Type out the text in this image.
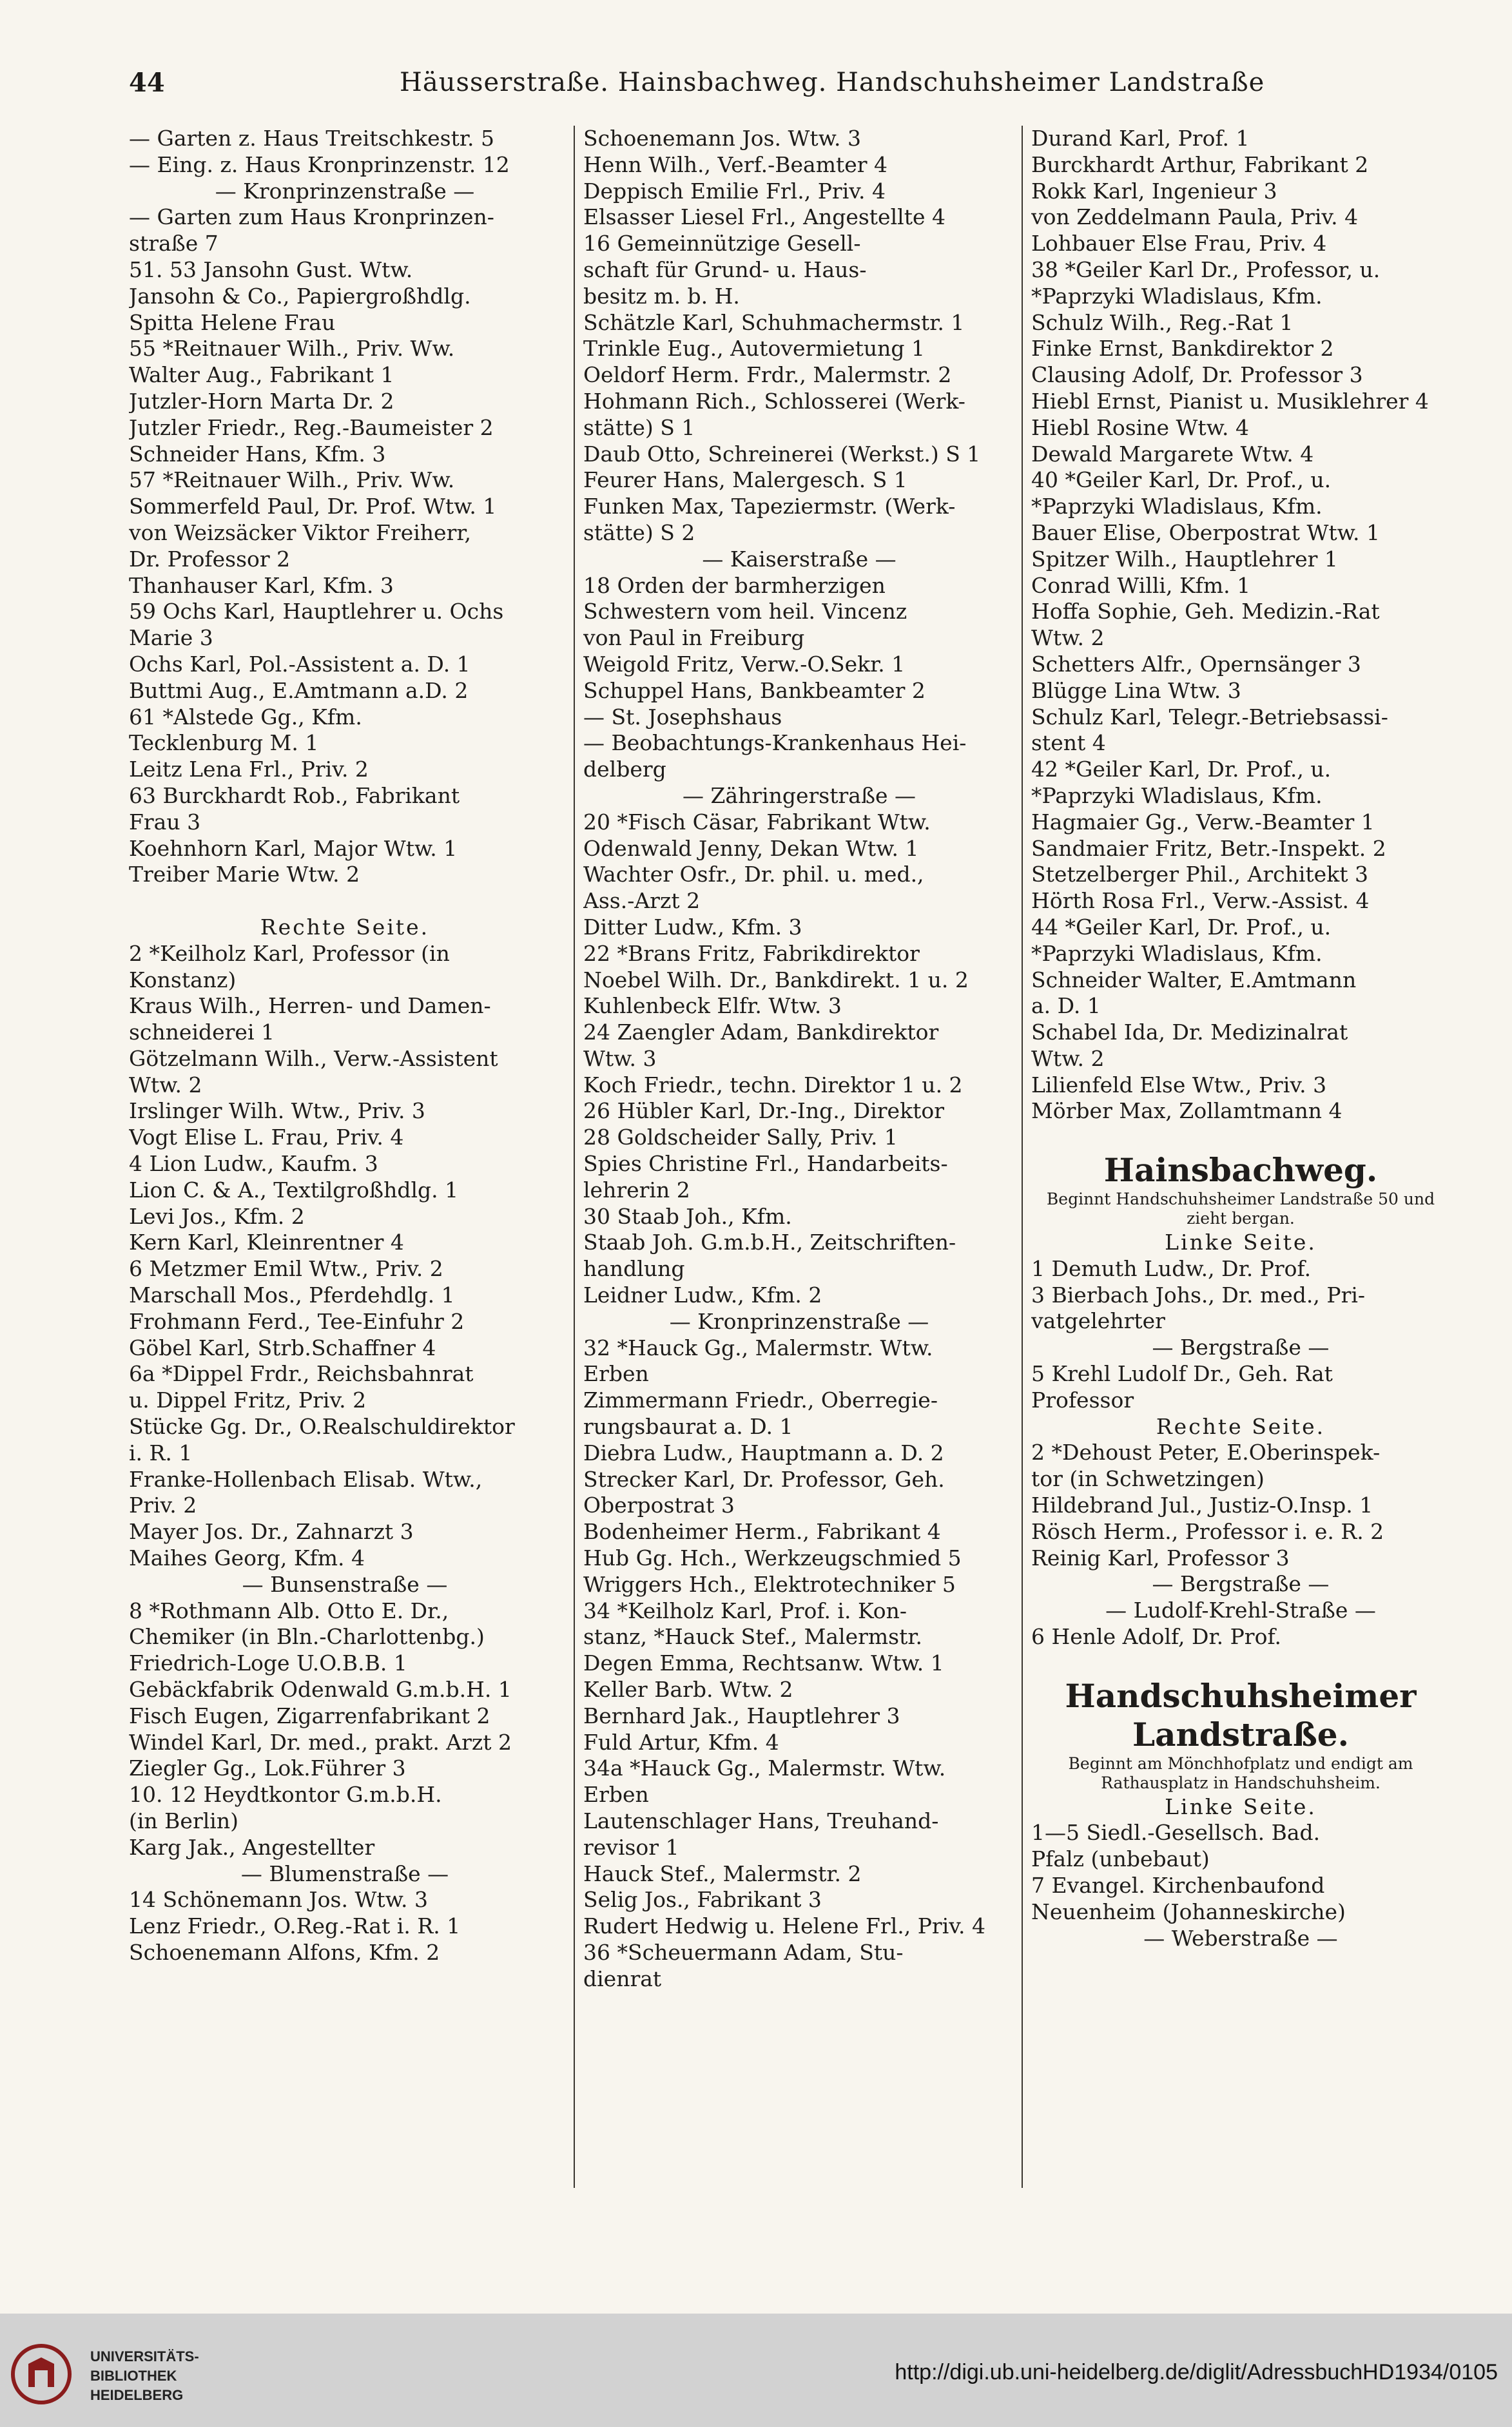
44	Häusserstraße. Hainsbachweg. Handschuhsheimer Landstraße
— Garten z. Haus Treitschkestr. 5
— Eing. z. Haus Kronprinzenstr. 12
— Kronprinzenstraße —
— Garten zum Haus Kronprinzen-
straße 7
51. 53 Jansohn Gust. Wtw.
Jansohn & Co., Papiergroßhdlg.
Spitta Helene Frau
55 *Reitnauer Wilh., Priv. Ww.
Walter Aug., Fabrikant 1
Jutzler-Horn Marta Dr. 2
Jutzler Friedr., Reg.-Baumeister 2
Schneider Hans, Kfm. 3
57 *Reitnauer Wilh., Priv. Ww.
Sommerfeld Paul, Dr. Prof. Wtw. 1
von Weizsäcker Viktor Freiherr,
Dr. Professor 2
Thanhauser Karl, Kfm. 3
59 Ochs Karl, Hauptlehrer u. Ochs
Marie 3
Ochs Karl, Pol.-Assistent a. D. 1
Buttmi Aug., E.Amtmann a.D. 2
61 *Alstede Gg., Kfm.
Tecklenburg M. 1
Leitz Lena Frl., Priv. 2
63 Burckhardt Rob., Fabrikant
Frau 3
Koehnhorn Karl, Major Wtw. 1
Treiber Marie Wtw. 2
Rechte Seite.
2 *Keilholz Karl, Professor (in
Konstanz)
Kraus Wilh., Herren- und Damen-
schneiderei 1
Götzelmann Wilh., Verw.-Assistent
Wtw. 2
Irslinger Wilh. Wtw., Priv. 3
Vogt Elise L. Frau, Priv. 4
4 Lion Ludw., Kaufm. 3
Lion C. & A., Textilgroßhdlg. 1
Levi Jos., Kfm. 2
Kern Karl, Kleinrentner 4
6 Metzmer Emil Wtw., Priv. 2
Marschall Mos., Pferdehdlg. 1
Frohmann Ferd., Tee-Einfuhr 2
Göbel Karl, Strb.Schaffner 4
6a *Dippel Frdr., Reichsbahnrat
u. Dippel Fritz, Priv. 2
Stücke Gg. Dr., O.Realschuldirektor
i. R. 1
Franke-Hollenbach Elisab. Wtw.,
Priv. 2
Mayer Jos. Dr., Zahnarzt 3
Maihes Georg, Kfm. 4
— Bunsenstraße —
8 *Rothmann Alb. Otto E. Dr.,
Chemiker (in Bln.-Charlottenbg.)
Friedrich-Loge U.O.B.B. 1
Gebäckfabrik Odenwald G.m.b.H. 1
Fisch Eugen, Zigarrenfabrikant 2
Windel Karl, Dr. med., prakt. Arzt 2
Ziegler Gg., Lok.Führer 3
10. 12 Heydtkontor G.m.b.H.
(in Berlin)
Karg Jak., Angestellter
— Blumenstraße —
14 Schönemann Jos. Wtw. 3
Lenz Friedr., O.Reg.-Rat i. R. 1
Schoenemann Alfons, Kfm. 2
Schoenemann Jos. Wtw. 3
Henn Wilh., Verf.-Beamter 4
Deppisch Emilie Frl., Priv. 4
Elsasser Liesel Frl., Angestellte 4
16 Gemeinnützige Gesell-
schaft für Grund- u. Haus-
besitz m. b. H.
Schätzle Karl, Schuhmachermstr. 1
Trinkle Eug., Autovermietung 1
Oeldorf Herm. Frdr., Malermstr. 2
Hohmann Rich., Schlosserei (Werk-
stätte) S 1
Daub Otto, Schreinerei (Werkst.) S 1
Feurer Hans, Malergesch. S 1
Funken Max, Tapeziermstr. (Werk-
stätte) S 2
— Kaiserstraße —
18 Orden der barmherzigen
Schwestern vom heil. Vincenz
von Paul in Freiburg
Weigold Fritz, Verw.-O.Sekr. 1
Schuppel Hans, Bankbeamter 2
— St. Josephshaus
— Beobachtungs-Krankenhaus Hei-
delberg
— Zähringerstraße —
20 *Fisch Cäsar, Fabrikant Wtw.
Odenwald Jenny, Dekan Wtw. 1
Wachter Osfr., Dr. phil. u. med.,
Ass.-Arzt 2
Ditter Ludw., Kfm. 3
22 *Brans Fritz, Fabrikdirektor
Noebel Wilh. Dr., Bankdirekt. 1 u. 2
Kuhlenbeck Elfr. Wtw. 3
24 Zaengler Adam, Bankdirektor
Wtw. 3
Koch Friedr., techn. Direktor 1 u. 2
26 Hübler Karl, Dr.-Ing., Direktor
28 Goldscheider Sally, Priv. 1
Spies Christine Frl., Handarbeits-
lehrerin 2
30 Staab Joh., Kfm.
Staab Joh. G.m.b.H., Zeitschriften-
handlung
Leidner Ludw., Kfm. 2
— Kronprinzenstraße —
32 *Hauck Gg., Malermstr. Wtw.
Erben
Zimmermann Friedr., Oberregie-
rungsbaurat a. D. 1
Diebra Ludw., Hauptmann a. D. 2
Strecker Karl, Dr. Professor, Geh.
Oberpostrat 3
Bodenheimer Herm., Fabrikant 4
Hub Gg. Hch., Werkzeugschmied 5
Wriggers Hch., Elektrotechniker 5
34 *Keilholz Karl, Prof. i. Kon-
stanz, *Hauck Stef., Malermstr.
Degen Emma, Rechtsanw. Wtw. 1
Keller Barb. Wtw. 2
Bernhard Jak., Hauptlehrer 3
Fuld Artur, Kfm. 4
34a *Hauck Gg., Malermstr. Wtw.
Erben
Lautenschlager Hans, Treuhand-
revisor 1
Hauck Stef., Malermstr. 2
Selig Jos., Fabrikant 3
Rudert Hedwig u. Helene Frl., Priv. 4
36 *Scheuermann Adam, Stu-
dienrat
Durand Karl, Prof. 1
Burckhardt Arthur, Fabrikant 2
Rokk Karl, Ingenieur 3
von Zeddelmann Paula, Priv. 4
Lohbauer Else Frau, Priv. 4
38 *Geiler Karl Dr., Professor, u.
*Paprzyki Wladislaus, Kfm.
Schulz Wilh., Reg.-Rat 1
Finke Ernst, Bankdirektor 2
Clausing Adolf, Dr. Professor 3
Hiebl Ernst, Pianist u. Musiklehrer 4
Hiebl Rosine Wtw. 4
Dewald Margarete Wtw. 4
40 *Geiler Karl, Dr. Prof., u.
*Paprzyki Wladislaus, Kfm.
Bauer Elise, Oberpostrat Wtw. 1
Spitzer Wilh., Hauptlehrer 1
Conrad Willi, Kfm. 1
Hoffa Sophie, Geh. Medizin.-Rat
Wtw. 2
Schetters Alfr., Opernsänger 3
Blügge Lina Wtw. 3
Schulz Karl, Telegr.-Betriebsassi-
stent 4
42 *Geiler Karl, Dr. Prof., u.
*Paprzyki Wladislaus, Kfm.
Hagmaier Gg., Verw.-Beamter 1
Sandmaier Fritz, Betr.-Inspekt. 2
Stetzelberger Phil., Architekt 3
Hörth Rosa Frl., Verw.-Assist. 4
44 *Geiler Karl, Dr. Prof., u.
*Paprzyki Wladislaus, Kfm.
Schneider Walter, E.Amtmann
a. D. 1
Schabel Ida, Dr. Medizinalrat
Wtw. 2
Lilienfeld Else Wtw., Priv. 3
Mörber Max, Zollamtmann 4
Hainsbachweg.
Beginnt Handschuhsheimer Landstraße 50 und zieht bergan.
Linke Seite.
1 Demuth Ludw., Dr. Prof.
3 Bierbach Johs., Dr. med., Pri-
vatgelehrter
— Bergstraße —
5 Krehl Ludolf Dr., Geh. Rat
Professor
Rechte Seite.
2 *Dehoust Peter, E.Oberinspek-
tor (in Schwetzingen)
Hildebrand Jul., Justiz-O.Insp. 1
Rösch Herm., Professor i. e. R. 2
Reinig Karl, Professor 3
— Bergstraße —
— Ludolf-Krehl-Straße —
6 Henle Adolf, Dr. Prof.
Handschuhsheimer
Landstraße.
Beginnt am Mönchhofplatz und endigt am Rathausplatz in Handschuhsheim.
Linke Seite.
1—5 Siedl.-Gesellsch. Bad.
Pfalz (unbebaut)
7 Evangel. Kirchenbaufond
Neuenheim (Johanneskirche)
— Weberstraße —
UNIVERSITÄTS-
BIBLIOTHEK
HEIDELBERG
http://digi.ub.uni-heidelberg.de/diglit/AdressbuchHD1934/0105
